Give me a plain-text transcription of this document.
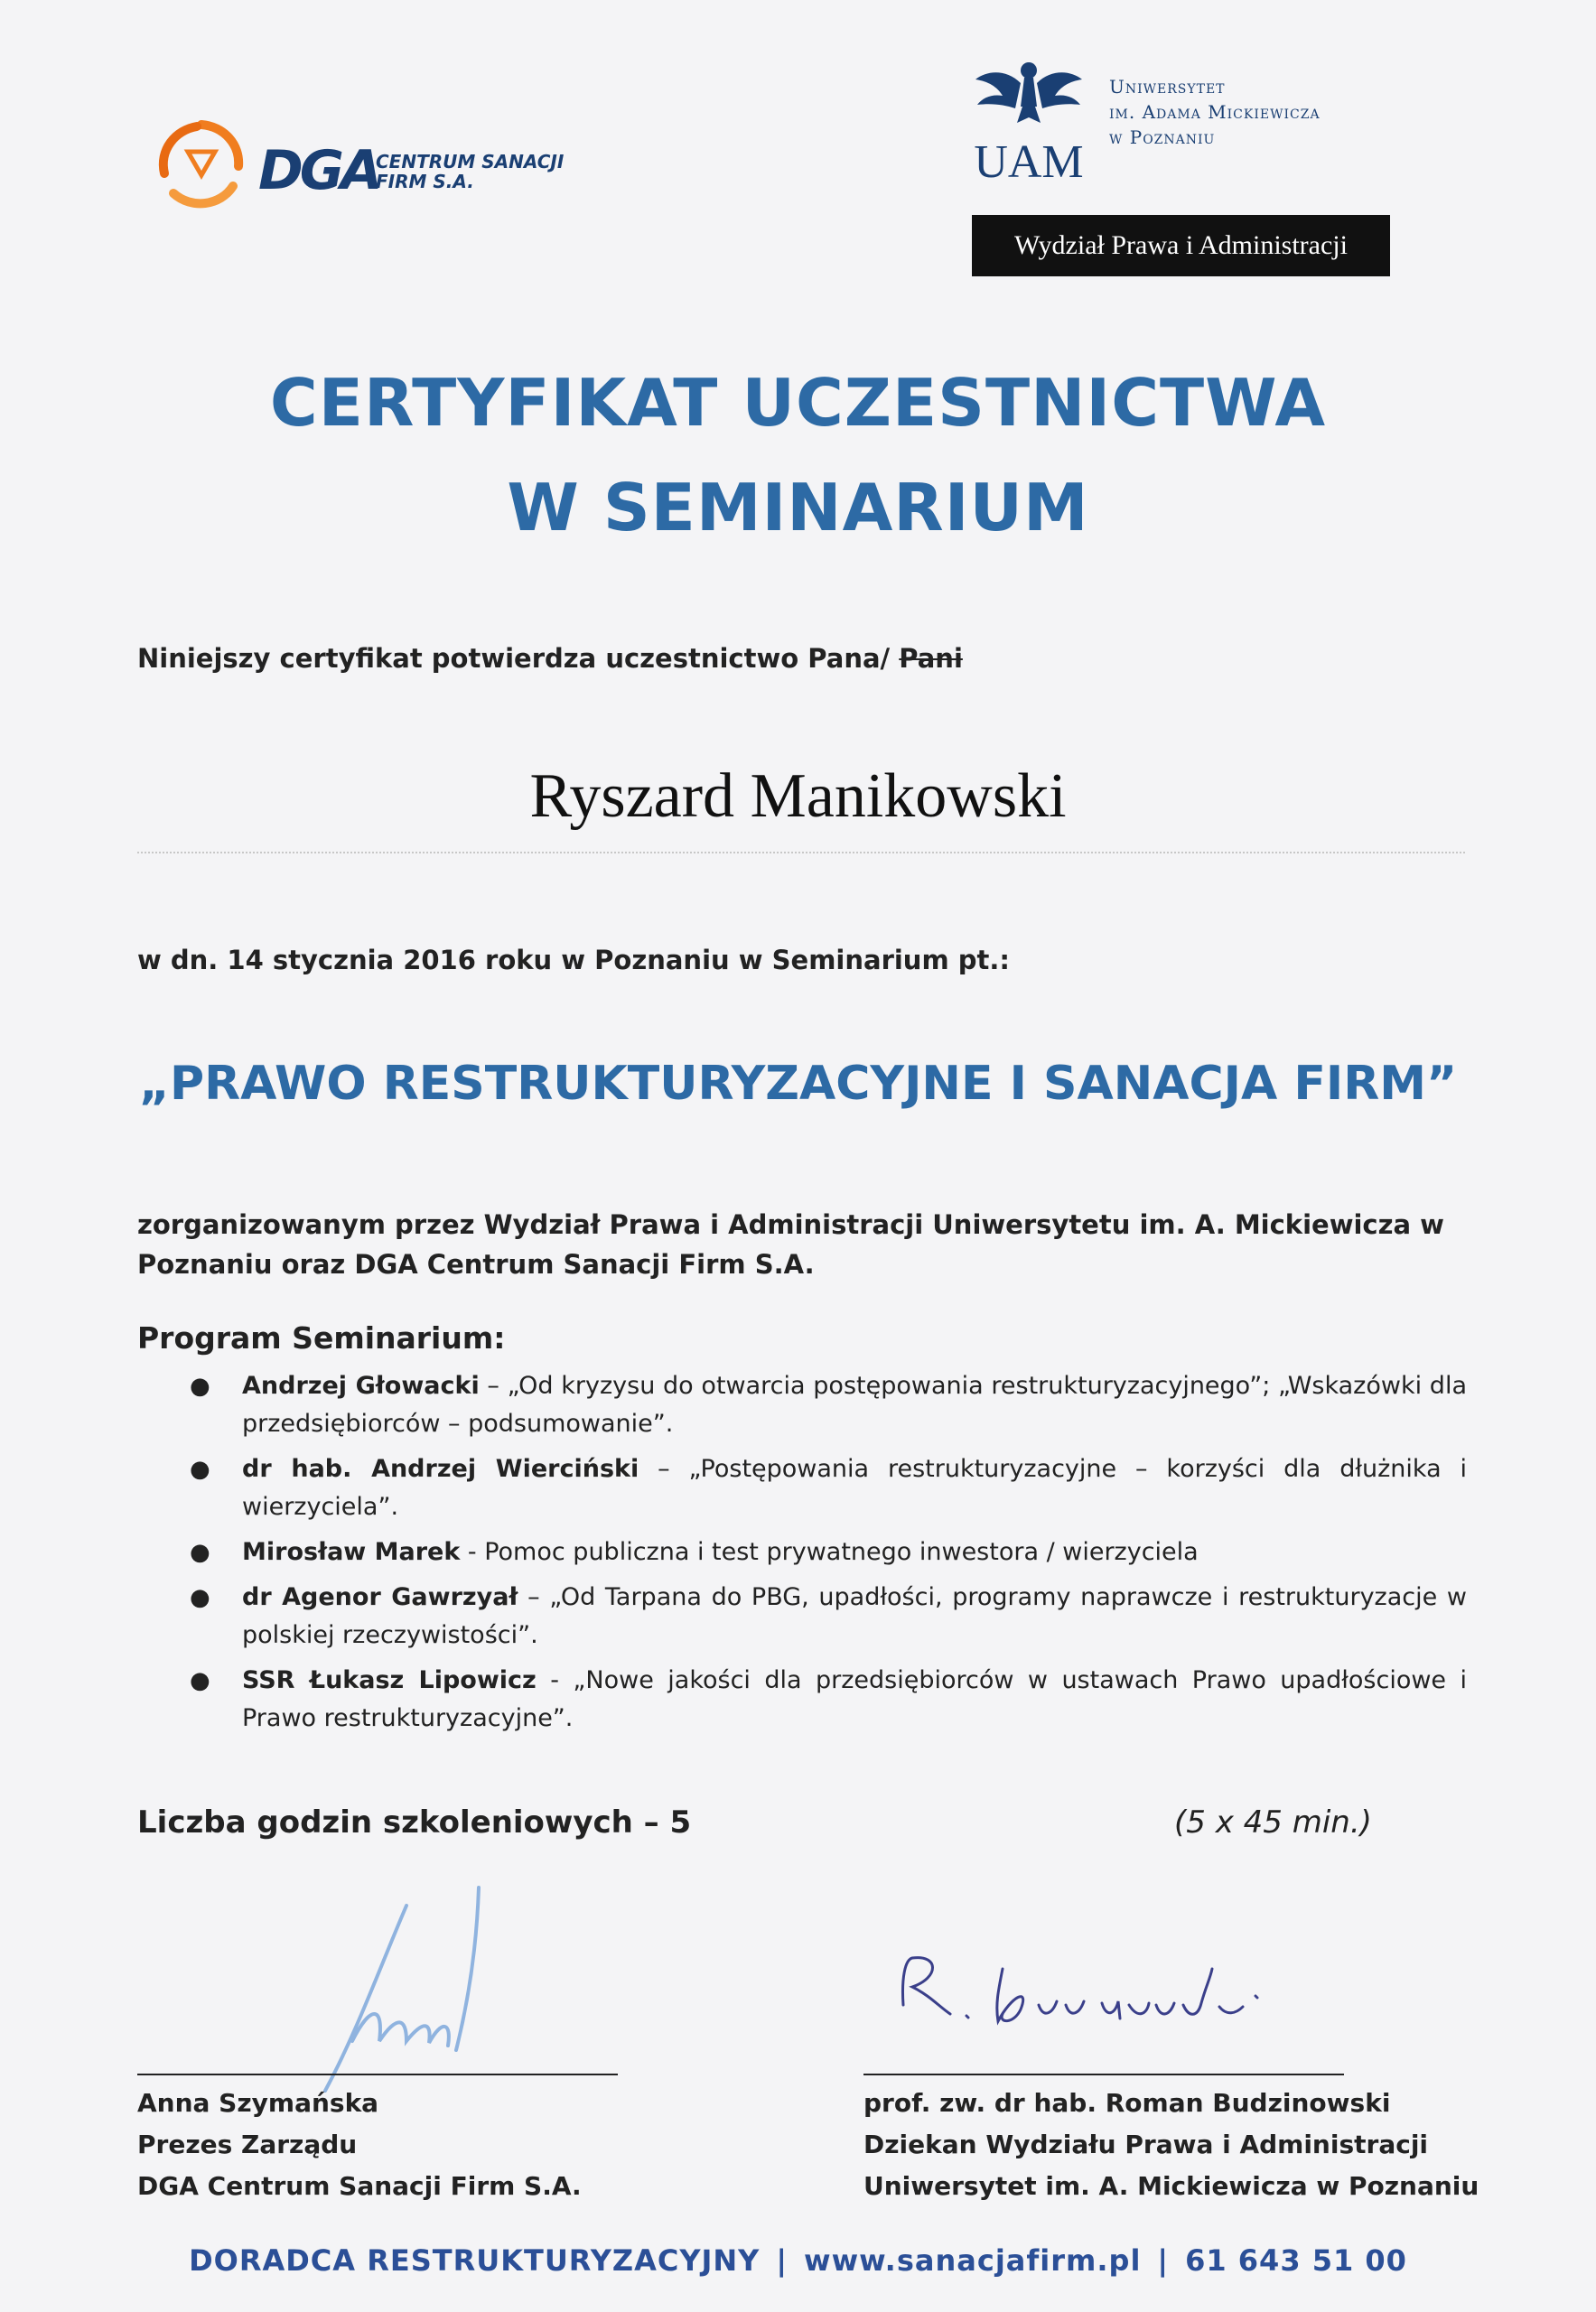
DGA
CENTRUM SANACJI
FIRM S.A.	UAM
Uniwersytet
im. Adama Mickiewicza
w Poznaniu
Wydział Prawa i Administracji
CERTYFIKAT UCZESTNICTWA
W SEMINARIUM
Niniejszy certyfikat potwierdza uczestnictwo Pana/ Pani
Ryszard Manikowski
w dn. 14 stycznia 2016 roku w Poznaniu w Seminarium pt.:
„PRAWO RESTRUKTURYZACYJNE I SANACJA FIRM”
zorganizowanym przez Wydział Prawa i Administracji Uniwersytetu im. A. Mickiewicza w Poznaniu oraz DGA Centrum Sanacji Firm S.A.
Program Seminarium:
● Andrzej Głowacki – „Od kryzysu do otwarcia postępowania restrukturyzacyjnego”; „Wskazówki dla przedsiębiorców – podsumowanie”.
● dr hab. Andrzej Wierciński – „Postępowania restrukturyzacyjne – korzyści dla dłużnika i wierzyciela”.
● Mirosław Marek - Pomoc publiczna i test prywatnego inwestora / wierzyciela
● dr Agenor Gawrzyał – „Od Tarpana do PBG, upadłości, programy naprawcze i restrukturyzacje w polskiej rzeczywistości”.
● SSR Łukasz Lipowicz - „Nowe jakości dla przedsiębiorców w ustawach Prawo upadłościowe i Prawo restrukturyzacyjne”.
Liczba godzin szkoleniowych – 5	(5 x 45 min.)
Anna Szymańska
Prezes Zarządu
DGA Centrum Sanacji Firm S.A.
prof. zw. dr hab. Roman Budzinowski
Dziekan Wydziału Prawa i Administracji
Uniwersytet im. A. Mickiewicza w Poznaniu
DORADCA RESTRUKTURYZACYJNY | www.sanacjafirm.pl | 61 643 51 00
